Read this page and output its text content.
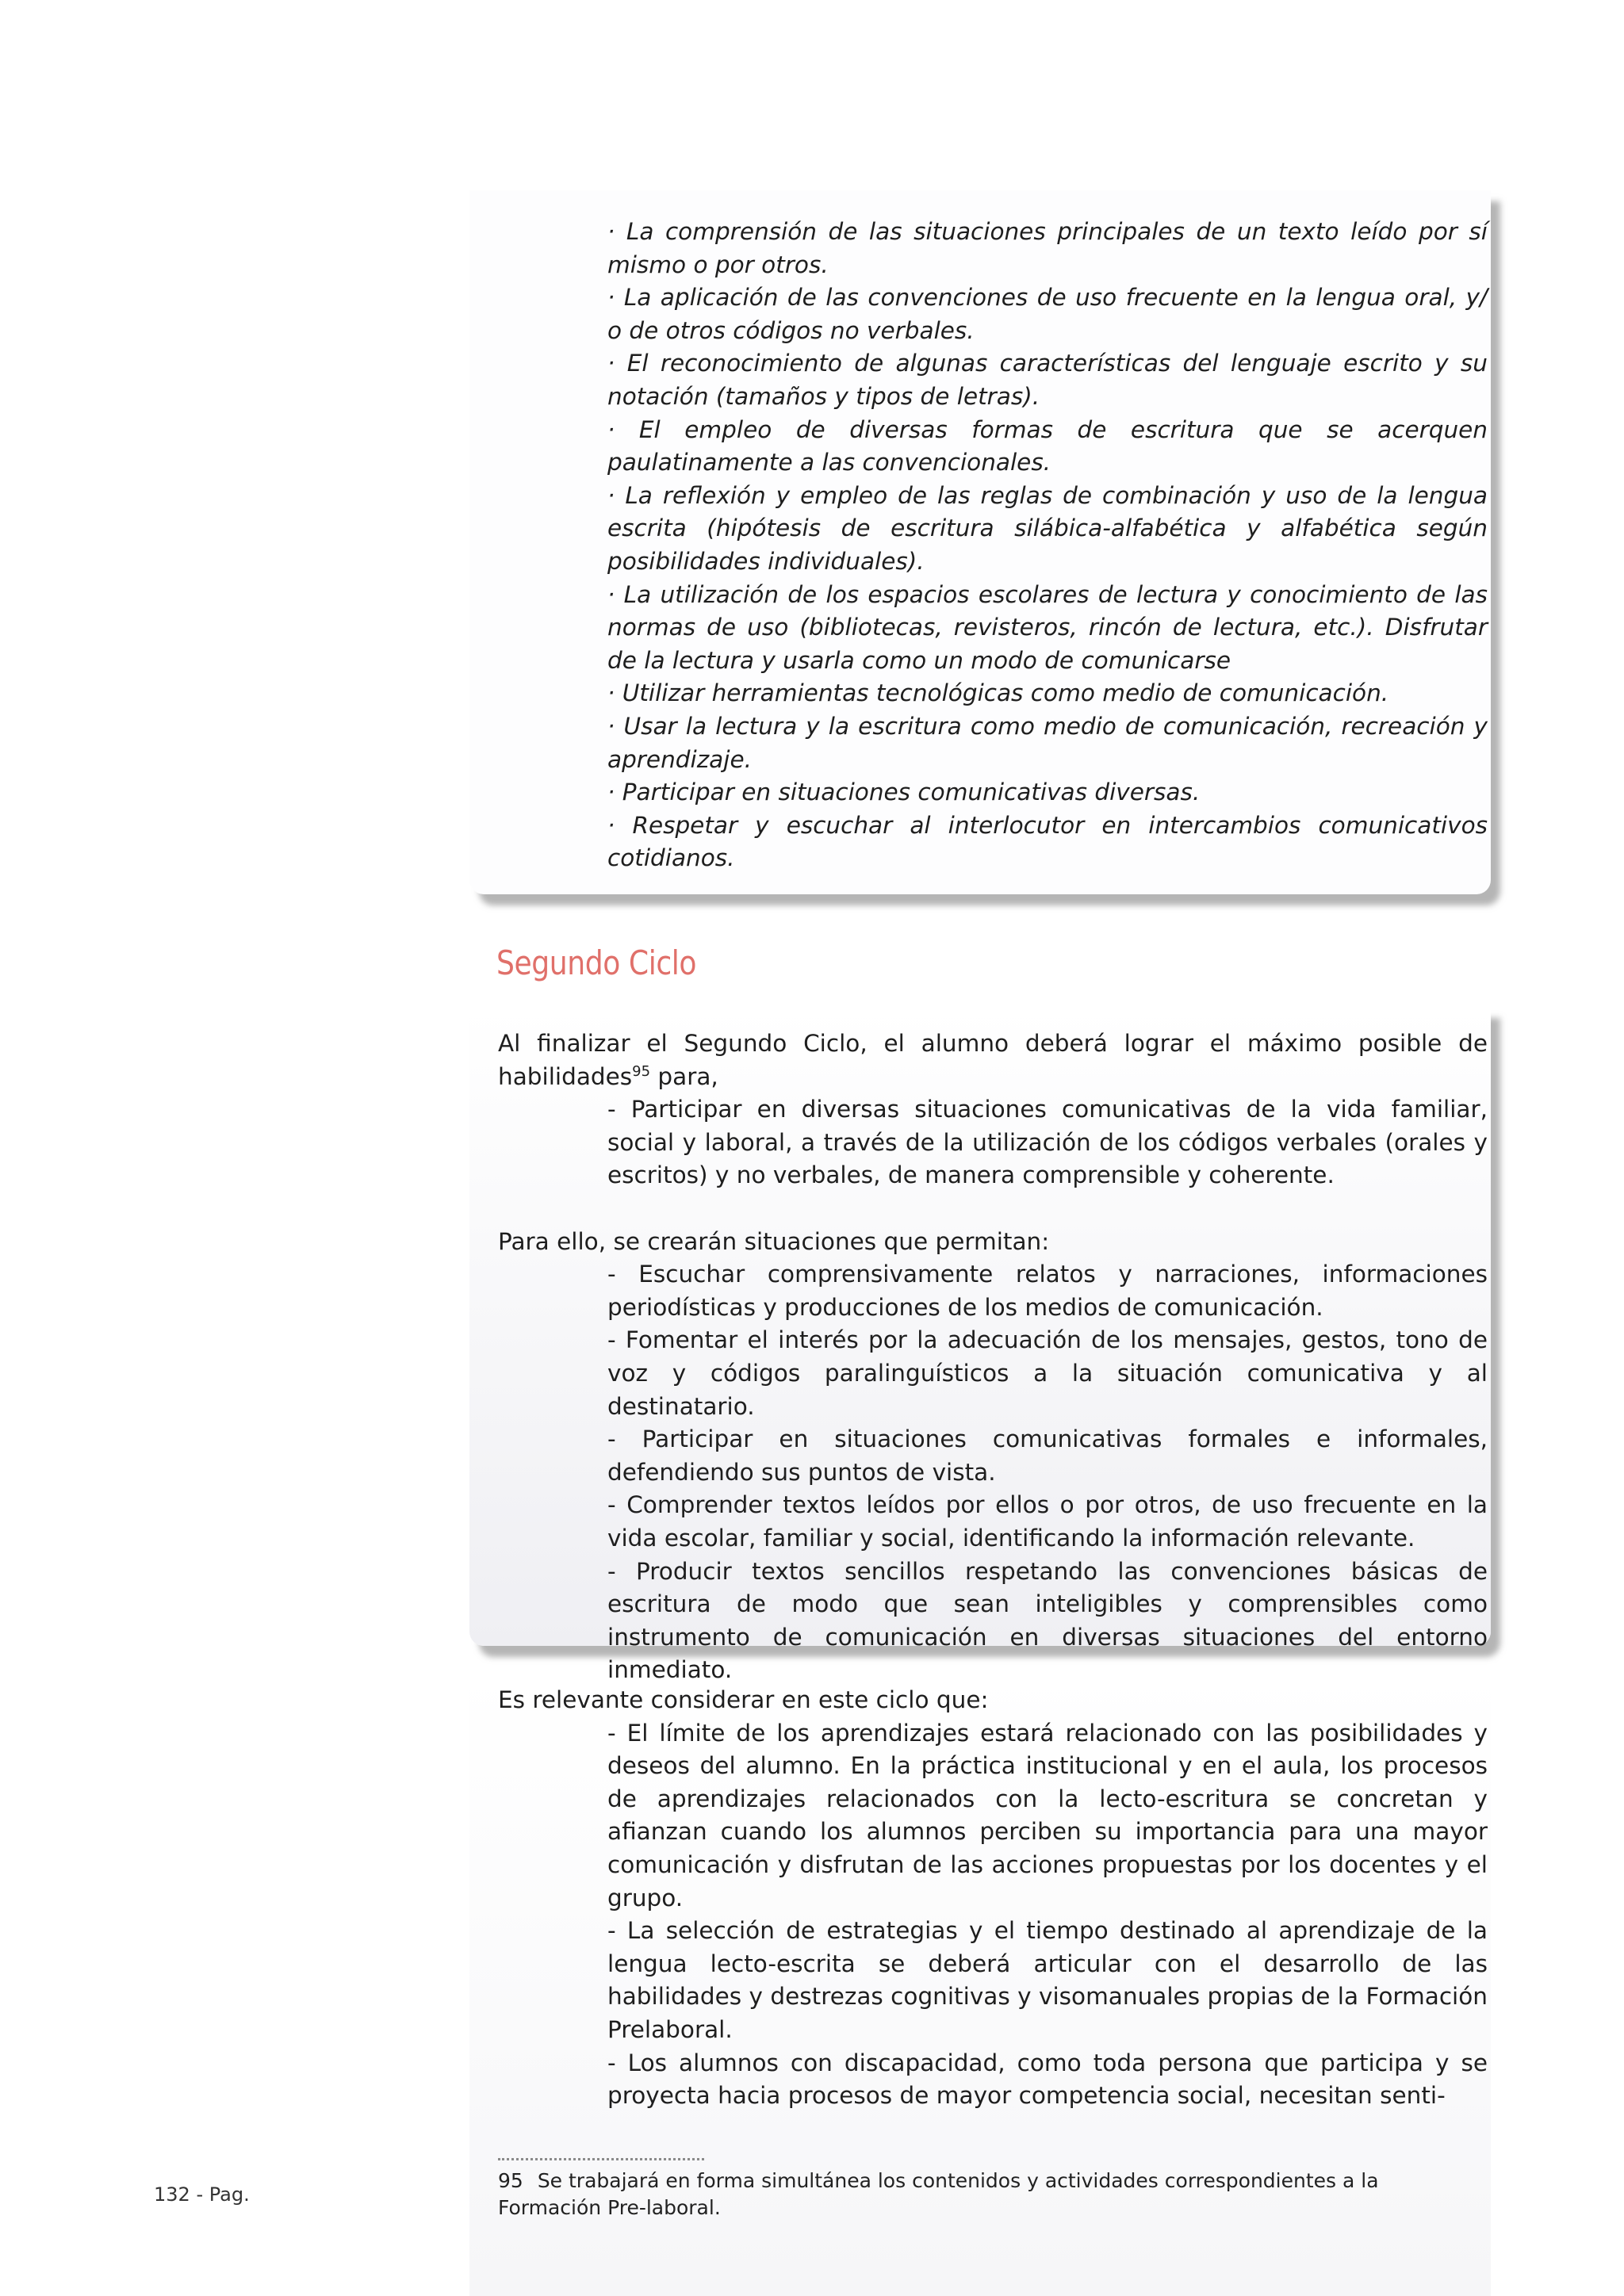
· La comprensión de las situaciones principales de un texto leído por sí mismo o por otros.

· La aplicación de las convenciones de uso frecuente en la lengua oral, y/ o de otros códigos no verbales.

· El reconocimiento de algunas características del lenguaje escrito y su notación (tamaños y tipos de letras).

· El empleo de diversas formas de escritura que se acerquen paulatinamente a las convencionales.

· La reflexión y empleo de las reglas de combinación y uso de la lengua escrita (hipótesis de escritura silábica-alfabética y alfabética según posibilidades individuales).

· La utilización de los espacios escolares de lectura y conocimiento de las normas de uso (bibliotecas, revisteros, rincón de lectura, etc.). Disfrutar de la lectura y usarla como un modo de comunicarse

· Utilizar herramientas tecnológicas como medio de comunicación.

· Usar la lectura y la escritura como medio de comunicación, recreación y aprendizaje.

· Participar en situaciones comunicativas diversas.

· Respetar y escuchar al interlocutor en intercambios comunicativos cotidianos.

Segundo Ciclo

Al finalizar el Segundo Ciclo, el alumno deberá lograr el máximo posible de habilidades$^{95}$ para,

- Participar en diversas situaciones comunicativas de la vida familiar, social y laboral, a través de la utilización de los códigos verbales (orales y escritos) y no verbales, de manera comprensible y coherente.

Para ello, se crearán situaciones que permitan:

- Escuchar comprensivamente relatos y narraciones, informaciones periodísticas y producciones de los medios de comunicación.

- Fomentar el interés por la adecuación de los mensajes, gestos, tono de voz y códigos paralinguísticos a la situación comunicativa y al destinatario.

- Participar en situaciones comunicativas formales e informales, defendiendo sus puntos de vista.

- Comprender textos leídos por ellos o por otros, de uso frecuente en la vida escolar, familiar y social, identificando la información relevante.

- Producir textos sencillos respetando las convenciones básicas de escritura de modo que sean inteligibles y comprensibles como instrumento de comunicación en diversas situaciones del entorno inmediato.

Es relevante considerar en este ciclo que:

- El límite de los aprendizajes estará relacionado con las posibilidades y deseos del alumno. En la práctica institucional y en el aula, los procesos de aprendizajes relacionados con la lecto-escritura se concretan y afianzan cuando los alumnos perciben su importancia para una mayor comunicación y disfrutan de las acciones propuestas por los docentes y el grupo.

- La selección de estrategias y el tiempo destinado al aprendizaje de la lengua lecto-escrita se deberá articular con el desarrollo de las habilidades y destrezas cognitivas y visomanuales propias de la Formación Prelaboral.

- Los alumnos con discapacidad, como toda persona que participa y se proyecta hacia procesos de mayor competencia social, necesitan senti-

95 Se trabajará en forma simultánea los contenidos y actividades correspondientes a la Formación Pre-laboral.
132 - Pag.
